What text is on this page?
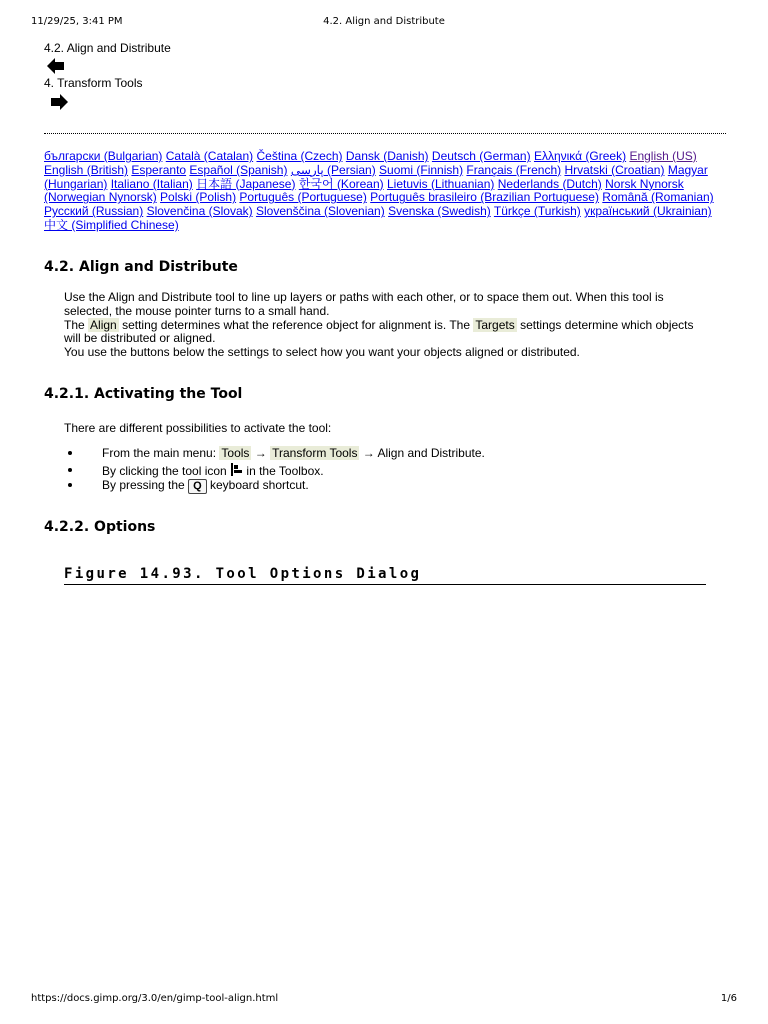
11/29/25, 3:41 PM	4.2. Align and Distribute
4.2. Align and Distribute
4. Transform Tools
български (Bulgarian) Català (Catalan) Čeština (Czech) Dansk (Danish) Deutsch (German) Ελληνικά (Greek) English (US) English (British) Esperanto Español (Spanish) پارسی (Persian) Suomi (Finnish) Français (French) Hrvatski (Croatian) Magyar (Hungarian) Italiano (Italian) 日本語 (Japanese) 한국어 (Korean) Lietuvis (Lithuanian) Nederlands (Dutch) Norsk Nynorsk (Norwegian Nynorsk) Polski (Polish) Português (Portuguese) Português brasileiro (Brazilian Portuguese) Română (Romanian) Русский (Russian) Slovenčina (Slovak) Slovenščina (Slovenian) Svenska (Swedish) Türkçe (Turkish) український (Ukrainian) 中文 (Simplified Chinese)
4.2. Align and Distribute
Use the Align and Distribute tool to line up layers or paths with each other, or to space them out. When this tool is selected, the mouse pointer turns to a small hand.
The Align setting determines what the reference object for alignment is. The Targets settings determine which objects will be distributed or aligned.
You use the buttons below the settings to select how you want your objects aligned or distributed.
4.2.1. Activating the Tool
There are different possibilities to activate the tool:
From the main menu: Tools → Transform Tools → Align and Distribute.
By clicking the tool icon in the Toolbox.
By pressing the Q keyboard shortcut.
4.2.2. Options
Figure 14.93. Tool Options Dialog
https://docs.gimp.org/3.0/en/gimp-tool-align.html	1/6
